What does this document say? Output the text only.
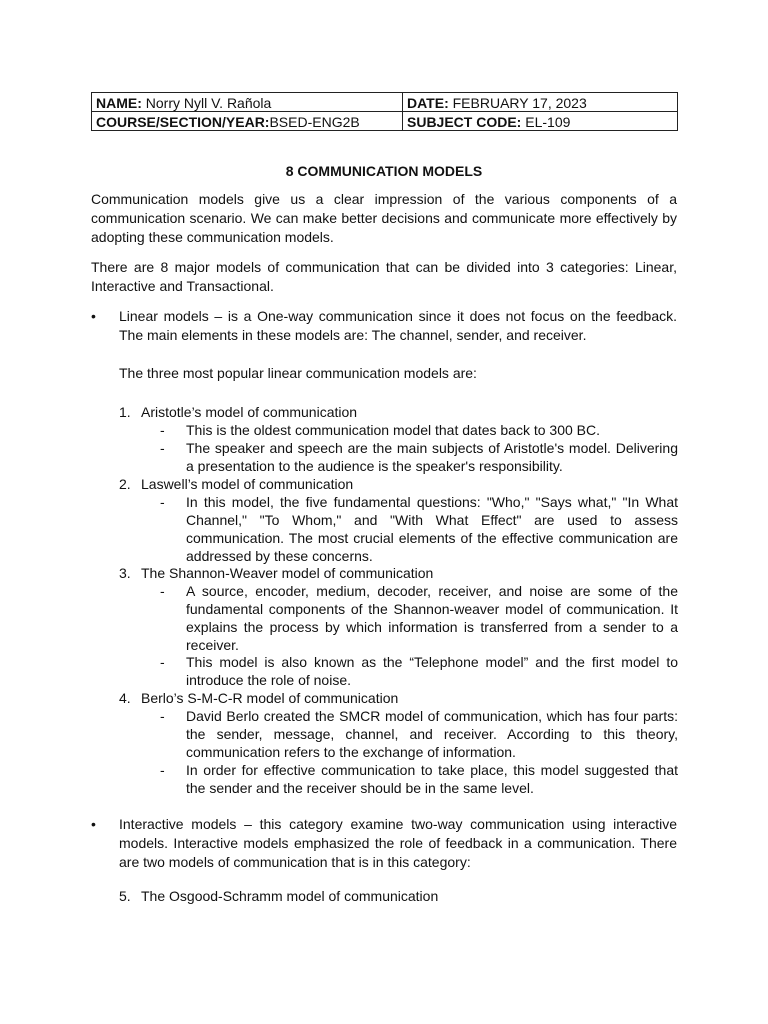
NAME: Norry Nyll V. Rañola	DATE: FEBRUARY 17, 2023
COURSE/SECTION/YEAR:BSED-ENG2B	SUBJECT CODE: EL-109
8 COMMUNICATION MODELS

Communication models give us a clear impression of the various components of a communication scenario. We can make better decisions and communicate more effectively by adopting these communication models.

There are 8 major models of communication that can be divided into 3 categories: Linear, Interactive and Transactional.

• Linear models – is a One-way communication since it does not focus on the feedback. The main elements in these models are: The channel, sender, and receiver.
The three most popular linear communication models are:
1. Aristotle’s model of communication
- This is the oldest communication model that dates back to 300 BC.
- The speaker and speech are the main subjects of Aristotle's model. Delivering a presentation to the audience is the speaker's responsibility.
2. Laswell’s model of communication
- In this model, the five fundamental questions: "Who," "Says what," "In What Channel," "To Whom," and "With What Effect" are used to assess communication. The most crucial elements of the effective communication are addressed by these concerns.
3. The Shannon-Weaver model of communication
- A source, encoder, medium, decoder, receiver, and noise are some of the fundamental components of the Shannon-weaver model of communication. It explains the process by which information is transferred from a sender to a receiver.
- This model is also known as the “Telephone model” and the first model to introduce the role of noise.
4. Berlo’s S-M-C-R model of communication
- David Berlo created the SMCR model of communication, which has four parts: the sender, message, channel, and receiver. According to this theory, communication refers to the exchange of information.
- In order for effective communication to take place, this model suggested that the sender and the receiver should be in the same level.
• Interactive models – this category examine two-way communication using interactive models. Interactive models emphasized the role of feedback in a communication. There are two models of communication that is in this category:
5. The Osgood-Schramm model of communication
